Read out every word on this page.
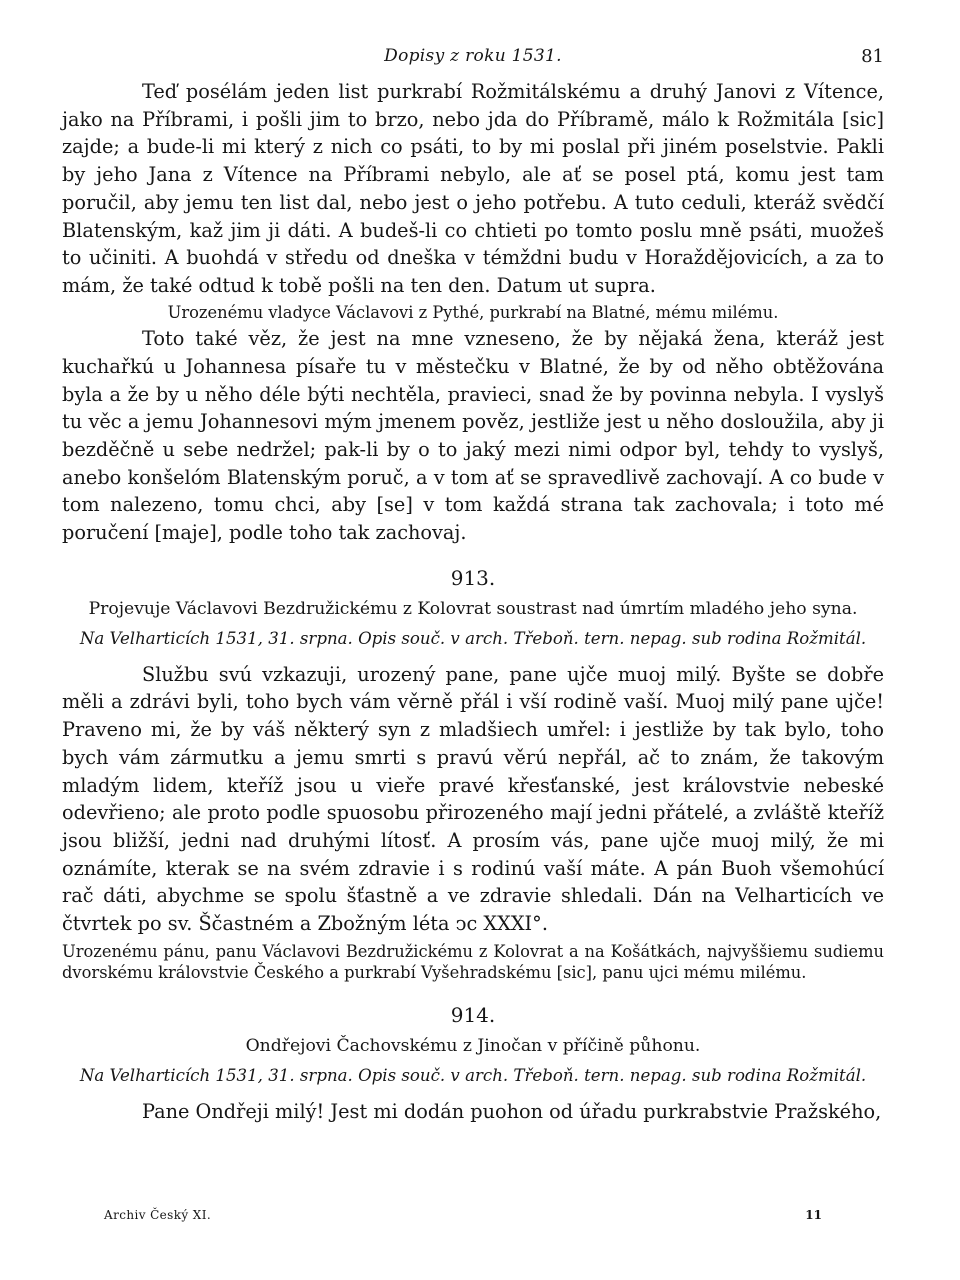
Dopisy z roku 1531.	81

Teď posélám jeden list purkrabí Rožmitálskému a druhý Janovi z Vítence, jako na Příbrami, i pošli jim to brzo, nebo jda do Příbramě, málo k Rožmitála [sic] zajde; a bude-li mi který z nich co psáti, to by mi poslal při jiném poselstvie. Pakli by jeho Jana z Vítence na Příbrami nebylo, ale ať se posel ptá, komu jest tam poručil, aby jemu ten list dal, nebo jest o jeho potřebu. A tuto ceduli, kteráž svědčí Blatenským, kaž jim ji dáti. A budeš-li co chtieti po tomto poslu mně psáti, muožeš to učiniti. A buohdá v středu od dneška v témždni budu v Horaždějovicích, a za to mám, že také odtud k tobě pošli na ten den. Datum ut supra.

Urozenému vladyce Václavovi z Pythé, purkrabí na Blatné, mému milému.

Toto také věz, že jest na mne vzneseno, že by nějaká žena, kteráž jest kuchařkú u Johannesa písaře tu v městečku v Blatné, že by od něho obtěžována byla a že by u něho déle býti nechtěla, pravieci, snad že by povinna nebyla. I vyslyš tu věc a jemu Johannesovi mým jmenem pověz, jestliže jest u něho dosloužila, aby ji bezděčně u sebe nedržel; pak-li by o to jaký mezi nimi odpor byl, tehdy to vyslyš, anebo konšelóm Blatenským poruč, a v tom ať se spravedlivě zachovají. A co bude v tom nalezeno, tomu chci, aby [se] v tom každá strana tak zachovala; i toto mé poručení [maje], podle toho tak zachovaj.

913.

Projevuje Václavovi Bezdružickému z Kolovrat soustrast nad úmrtím mladého jeho syna.

Na Velharticích 1531, 31. srpna. Opis souč. v arch. Třeboň. tern. nepag. sub rodina Rožmitál.

Službu svú vzkazuji, urozený pane, pane ujče muoj milý. Byšte se dobře měli a zdrávi byli, toho bych vám věrně přál i vší rodině vaší. Muoj milý pane ujče! Praveno mi, že by váš některý syn z mladšiech umřel: i jestliže by tak bylo, toho bych vám zármutku a jemu smrti s pravú věrú nepřál, ač to znám, že takovým mladým lidem, kteříž jsou u vieře pravé křesťanské, jest královstvie nebeské odevřieno; ale proto podle spuosobu přirozeného mají jedni přátelé, a zvláště kteříž jsou bližší, jedni nad druhými lítosť. A prosím vás, pane ujče muoj milý, že mi oznámíte, kterak se na svém zdravie i s rodinú vaší máte. A pán Buoh všemohúcí rač dáti, abychme se spolu šťastně a ve zdravie shledali. Dán na Velharticích ve čtvrtek po sv. Ščastném a Zbožným léta ↄc XXXI°.

Urozenému pánu, panu Václavovi Bezdružickému z Kolovrat a na Košátkách, najvyššiemu sudiemu dvorskému královstvie Českého a purkrabí Vyšehradskému [sic], panu ujci mému milému.

914.

Ondřejovi Čachovskému z Jinočan v příčině půhonu.

Na Velharticích 1531, 31. srpna. Opis souč. v arch. Třeboň. tern. nepag. sub rodina Rožmitál.

Pane Ondřeji milý! Jest mi dodán puohon od úřadu purkrabstvie Pražského,

Archiv Český XI.	11
